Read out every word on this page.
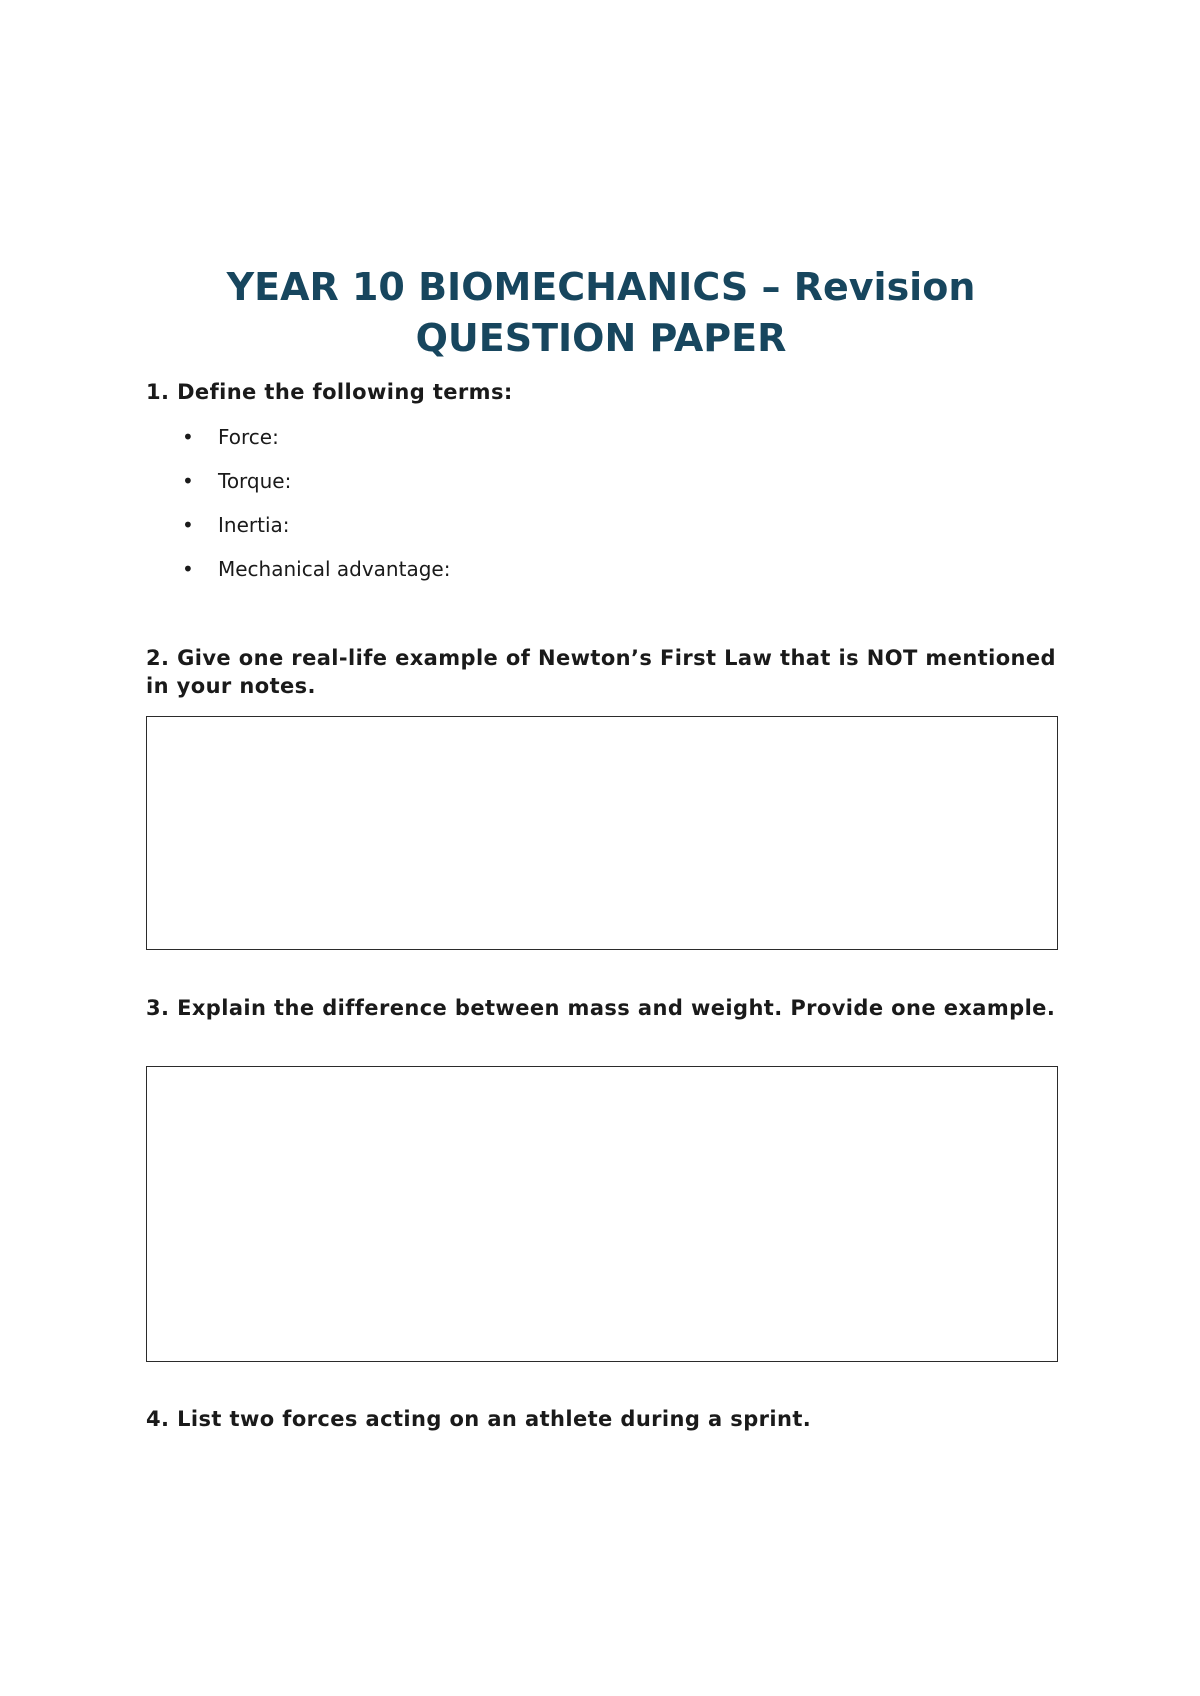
YEAR 10 BIOMECHANICS – Revision
QUESTION PAPER
1. Define the following terms:
• Force:
• Torque:
• Inertia:
• Mechanical advantage:
2. Give one real-life example of Newton’s First Law that is NOT mentioned in your notes.
3. Explain the difference between mass and weight. Provide one example.
4. List two forces acting on an athlete during a sprint.
